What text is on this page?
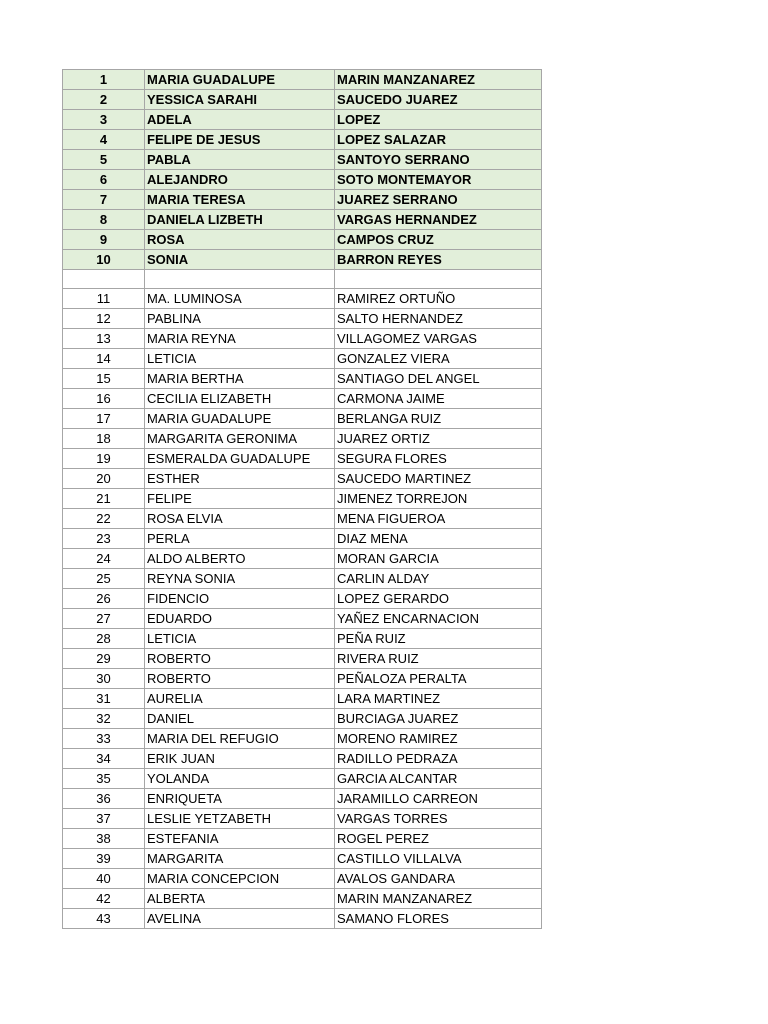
1	MARIA GUADALUPE	MARIN MANZANAREZ
2	YESSICA SARAHI	SAUCEDO JUAREZ
3	ADELA	LOPEZ
4	FELIPE DE JESUS	LOPEZ SALAZAR
5	PABLA	SANTOYO SERRANO
6	ALEJANDRO	SOTO MONTEMAYOR
7	MARIA TERESA	JUAREZ SERRANO
8	DANIELA LIZBETH	VARGAS HERNANDEZ
9	ROSA	CAMPOS CRUZ
10	SONIA	BARRON REYES

11	MA. LUMINOSA	RAMIREZ ORTUÑO
12	PABLINA	SALTO HERNANDEZ
13	MARIA REYNA	VILLAGOMEZ VARGAS
14	LETICIA	GONZALEZ VIERA
15	MARIA BERTHA	SANTIAGO DEL ANGEL
16	CECILIA ELIZABETH	CARMONA JAIME
17	MARIA GUADALUPE	BERLANGA RUIZ
18	MARGARITA GERONIMA	JUAREZ ORTIZ
19	ESMERALDA GUADALUPE	SEGURA FLORES
20	ESTHER	SAUCEDO MARTINEZ
21	FELIPE	JIMENEZ TORREJON
22	ROSA ELVIA	MENA FIGUEROA
23	PERLA	DIAZ MENA
24	ALDO ALBERTO	MORAN GARCIA
25	REYNA SONIA	CARLIN ALDAY
26	FIDENCIO	LOPEZ GERARDO
27	EDUARDO	YAÑEZ ENCARNACION
28	LETICIA	PEÑA RUIZ
29	ROBERTO	RIVERA RUIZ
30	ROBERTO	PEÑALOZA PERALTA
31	AURELIA	LARA MARTINEZ
32	DANIEL	BURCIAGA JUAREZ
33	MARIA DEL REFUGIO	MORENO RAMIREZ
34	ERIK JUAN	RADILLO PEDRAZA
35	YOLANDA	GARCIA ALCANTAR
36	ENRIQUETA	JARAMILLO CARREON
37	LESLIE YETZABETH	VARGAS TORRES
38	ESTEFANIA	ROGEL PEREZ
39	MARGARITA	CASTILLO VILLALVA
40	MARIA CONCEPCION	AVALOS GANDARA
42	ALBERTA	MARIN MANZANAREZ
43	AVELINA	SAMANO FLORES
